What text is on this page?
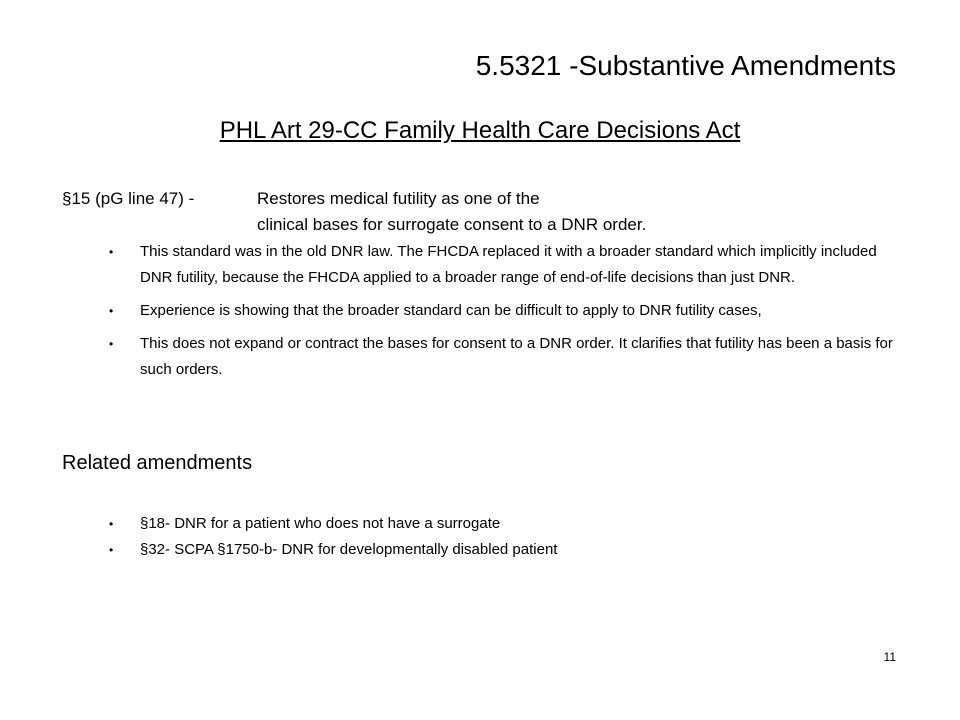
5.5321 -Substantive Amendments
PHL Art 29-CC Family Health Care Decisions Act
§15 (pG line 47) -	Restores medical futility as one of the
clinical bases for surrogate consent to a DNR order.
• This standard was in the old DNR law. The FHCDA replaced it with a broader standard which implicitly included DNR futility, because the FHCDA applied to a broader range of end-of-life decisions than just DNR.
• Experience is showing that the broader standard can be difficult to apply to DNR futility cases,
• This does not expand or contract the bases for consent to a DNR order. It clarifies that futility has been a basis for such orders.
Related amendments
• §18- DNR for a patient who does not have a surrogate
• §32- SCPA §1750-b- DNR for developmentally disabled patient
11
